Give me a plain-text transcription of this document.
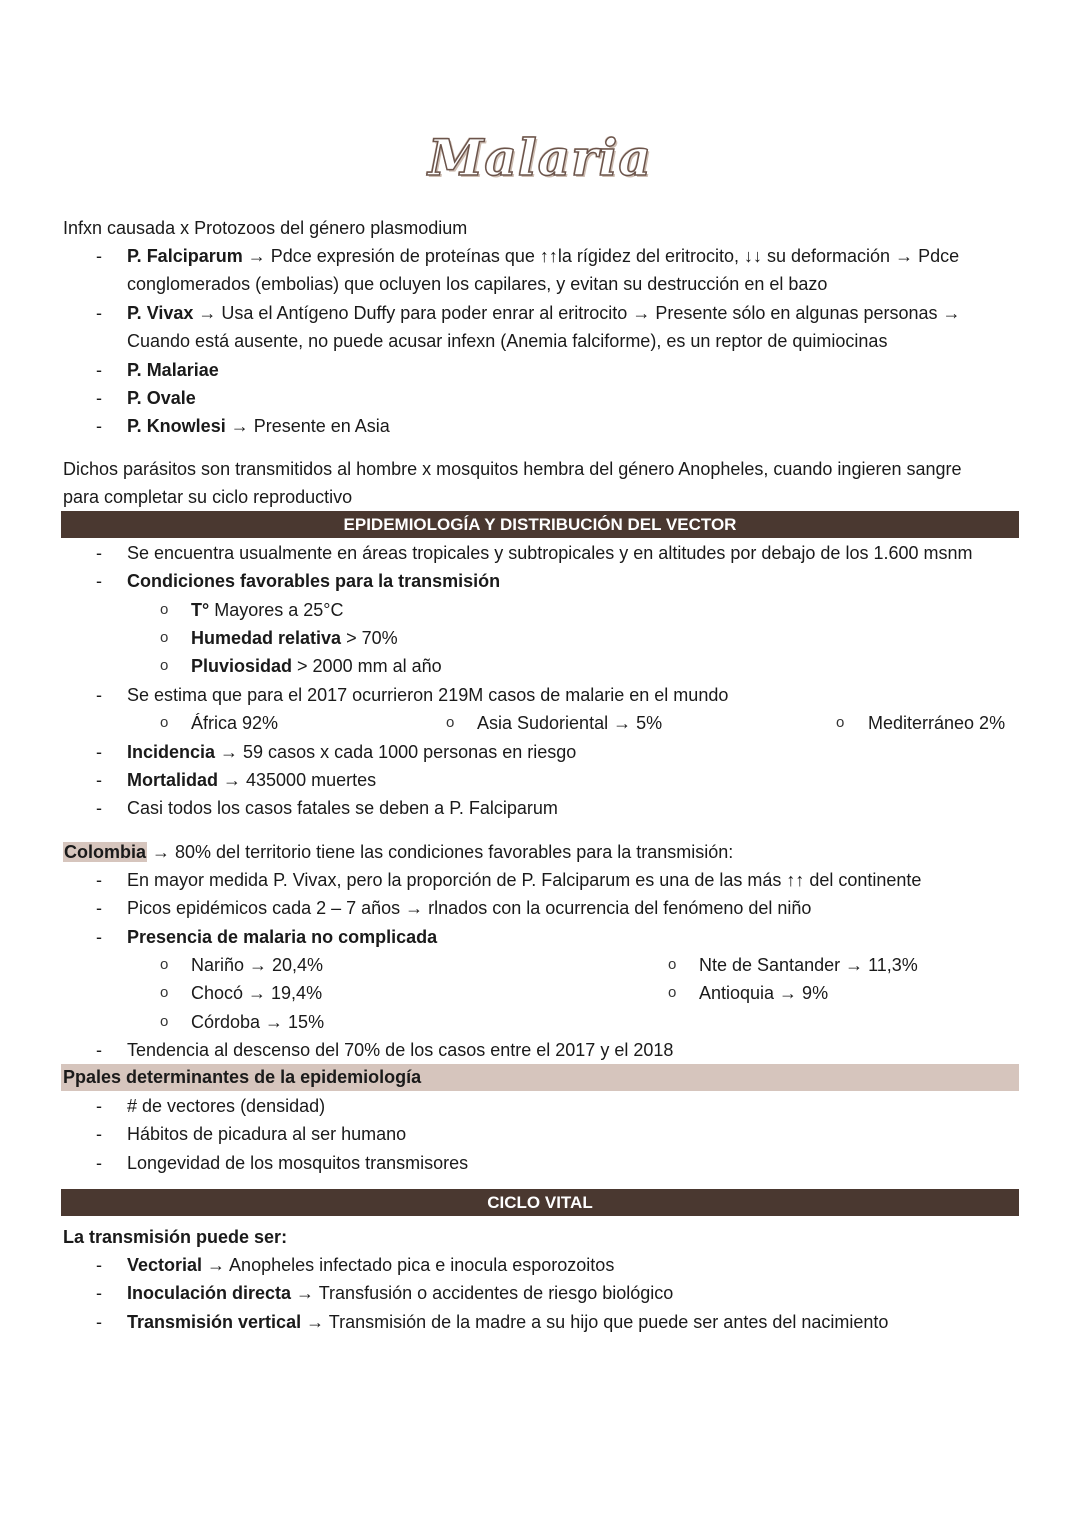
Malaria
Infxn causada x Protozoos del género plasmodium
- P. Falciparum → Pdce expresión de proteínas que ↑↑la rígidez del eritrocito, ↓↓ su deformación → Pdce
conglomerados (embolias) que ocluyen los capilares, y evitan su destrucción en el bazo
- P. Vivax → Usa el Antígeno Duffy para poder enrar al eritrocito → Presente sólo en algunas personas →
Cuando está ausente, no puede acusar infexn (Anemia falciforme), es un reptor de quimiocinas
- P. Malariae
- P. Ovale
- P. Knowlesi → Presente en Asia
Dichos parásitos son transmitidos al hombre x mosquitos hembra del género Anopheles, cuando ingieren sangre
para completar su ciclo reproductivo
EPIDEMIOLOGÍA Y DISTRIBUCIÓN DEL VECTOR
- Se encuentra usualmente en áreas tropicales y subtropicales y en altitudes por debajo de los 1.600 msnm
- Condiciones favorables para la transmisión
o T° Mayores a 25°C
o Humedad relativa > 70%
o Pluviosidad > 2000 mm al año
- Se estima que para el 2017 ocurrieron 219M casos de malarie en el mundo
o África 92%	o Asia Sudoriental → 5%	o Mediterráneo 2%
- Incidencia → 59 casos x cada 1000 personas en riesgo
- Mortalidad → 435000 muertes
- Casi todos los casos fatales se deben a P. Falciparum
Colombia → 80% del territorio tiene las condiciones favorables para la transmisión:
- En mayor medida P. Vivax, pero la proporción de P. Falciparum es una de las más ↑↑ del continente
- Picos epidémicos cada 2 – 7 años → rlnados con la ocurrencia del fenómeno del niño
- Presencia de malaria no complicada
o Nariño → 20,4%	o Nte de Santander → 11,3%
o Chocó → 19,4%	o Antioquia → 9%
o Córdoba → 15%
- Tendencia al descenso del 70% de los casos entre el 2017 y el 2018
Ppales determinantes de la epidemiología
- # de vectores (densidad)
- Hábitos de picadura al ser humano
- Longevidad de los mosquitos transmisores
CICLO VITAL
La transmisión puede ser:
- Vectorial → Anopheles infectado pica e inocula esporozoitos
- Inoculación directa → Transfusión o accidentes de riesgo biológico
- Transmisión vertical → Transmisión de la madre a su hijo que puede ser antes del nacimiento
